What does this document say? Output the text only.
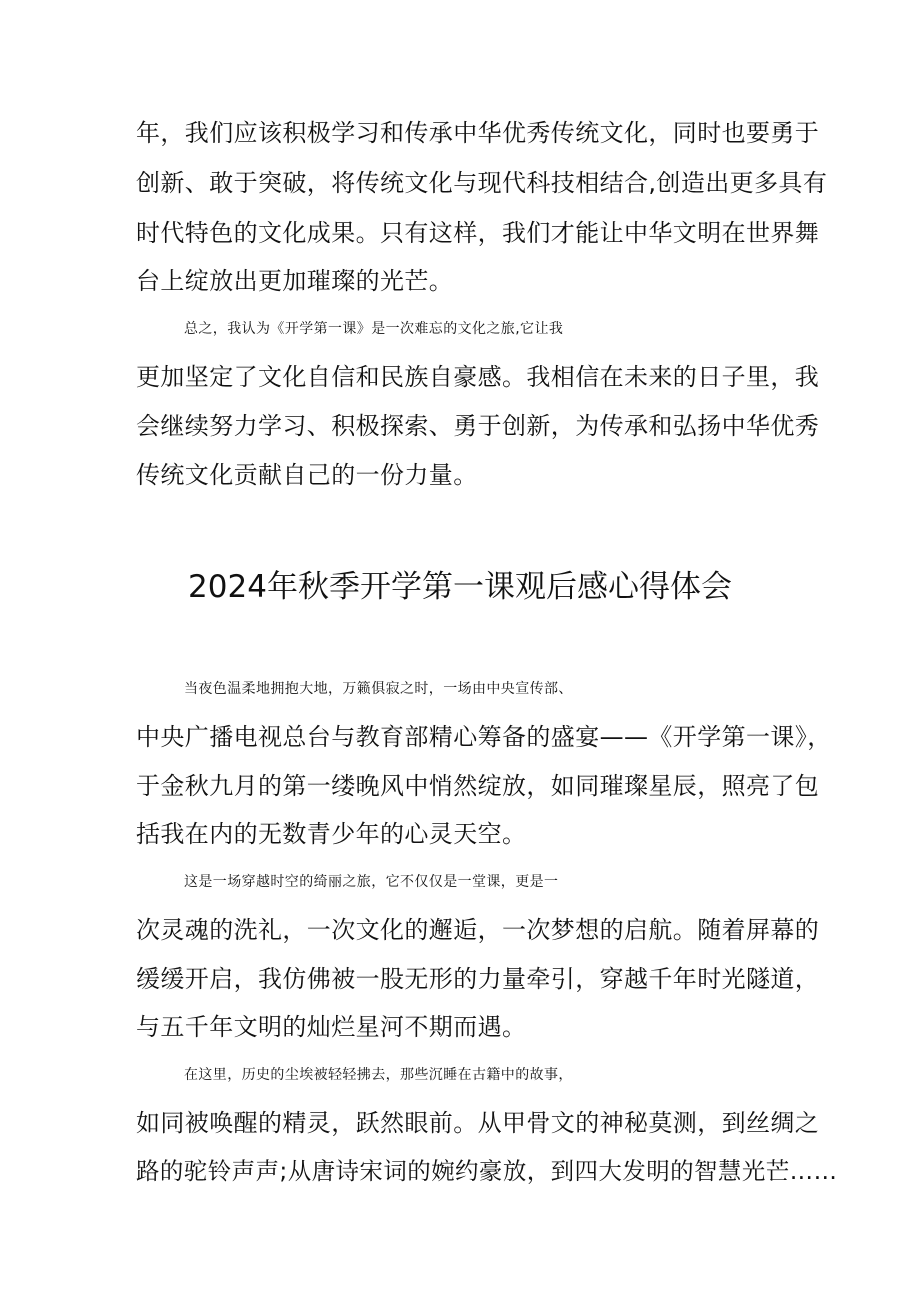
年，我们应该积极学习和传承中华优秀传统文化，同时也要勇于
创新、敢于突破，将传统文化与现代科技相结合,创造出更多具有
时代特色的文化成果。只有这样，我们才能让中华文明在世界舞
台上绽放出更加璀璨的光芒。
总之，我认为《开学第一课》是一次难忘的文化之旅,它让我
更加坚定了文化自信和民族自豪感。我相信在未来的日子里，我
会继续努力学习、积极探索、勇于创新，为传承和弘扬中华优秀
传统文化贡献自己的一份力量。
2024年秋季开学第一课观后感心得体会
当夜色温柔地拥抱大地，万籁俱寂之时，一场由中央宣传部、
中央广播电视总台与教育部精心筹备的盛宴——《开学第一课》，
于金秋九月的第一缕晚风中悄然绽放，如同璀璨星辰，照亮了包
括我在内的无数青少年的心灵天空。
这是一场穿越时空的绮丽之旅，它不仅仅是一堂课，更是一
次灵魂的洗礼，一次文化的邂逅，一次梦想的启航。随着屏幕的
缓缓开启，我仿佛被一股无形的力量牵引，穿越千年时光隧道，
与五千年文明的灿烂星河不期而遇。
在这里，历史的尘埃被轻轻拂去，那些沉睡在古籍中的故事，
如同被唤醒的精灵，跃然眼前。从甲骨文的神秘莫测，到丝绸之
路的驼铃声声;从唐诗宋词的婉约豪放，到四大发明的智慧光芒……
